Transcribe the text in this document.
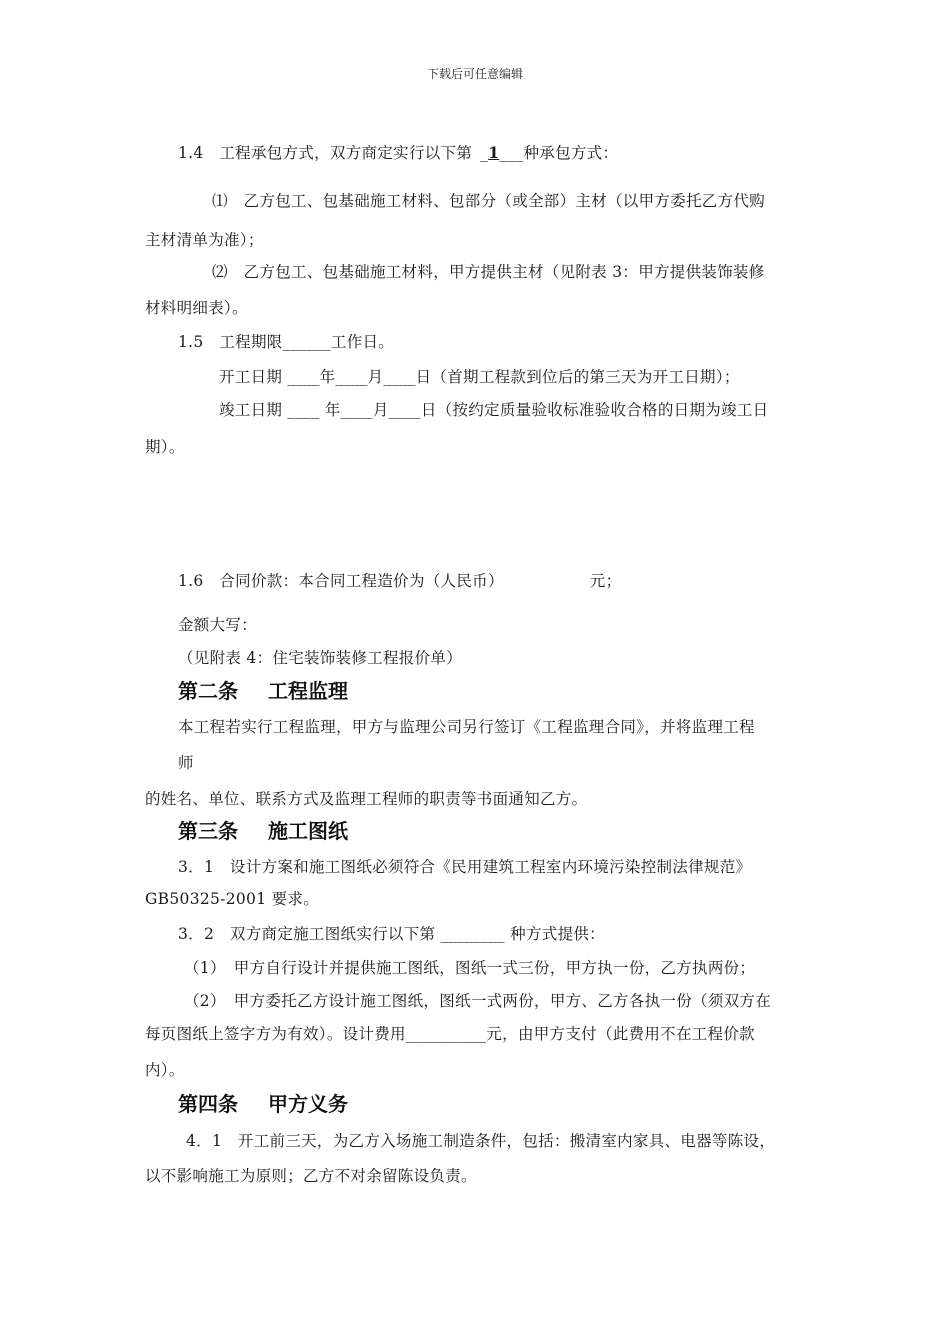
下载后可任意编辑
1.4　工程承包方式，双方商定实行以下第 _1___种承包方式：
⑴　乙方包工、包基础施工材料、包部分（或全部）主材（以甲方委托乙方代购
主材清单为准）；
⑵　乙方包工、包基础施工材料，甲方提供主材（见附表 3：甲方提供装饰装修
材料明细表）。
1.5　工程期限______工作日。
开工日期 ____年____月____日（首期工程款到位后的第三天为开工日期）；
竣工日期 ____ 年____月____日（按约定质量验收标准验收合格的日期为竣工日
期）。
1.6　合同价款：本合同工程造价为（人民币）	元；
金额大写：
（见附表 4：住宅装饰装修工程报价单）
第二条 工程监理
本工程若实行工程监理，甲方与监理公司另行签订《工程监理合同》，并将监理工程
师
的姓名、单位、联系方式及监理工程师的职责等书面通知乙方。
第三条 施工图纸
3．1　设计方案和施工图纸必须符合《民用建筑工程室内环境污染控制法律规范》
GB50325-2001 要求。
3．2　双方商定施工图纸实行以下第 ________ 种方式提供：
（1）　甲方自行设计并提供施工图纸，图纸一式三份，甲方执一份，乙方执两份；
（2）　甲方委托乙方设计施工图纸，图纸一式两份，甲方、乙方各执一份（须双方在
每页图纸上签字方为有效）。设计费用__________元，由甲方支付（此费用不在工程价款
内）。
第四条 甲方义务
4．1　开工前三天，为乙方入场施工制造条件，包括：搬清室内家具、电器等陈设，
以不影响施工为原则；乙方不对余留陈设负责。
